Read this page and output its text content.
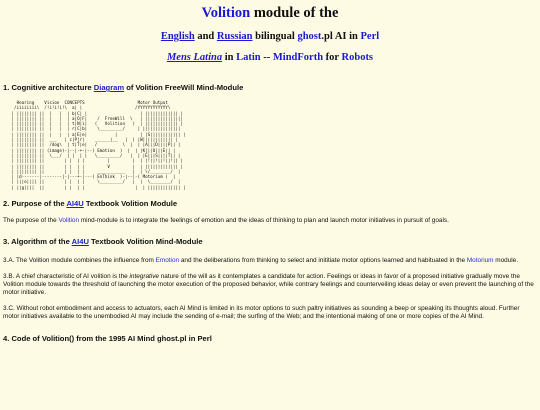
Volition module of the
English and Russian bilingual ghost.pl AI in Perl
Mens Latina in Latin -- MindForth for Robots
1. Cognitive architecture Diagram of Volition FreeWill Mind-Module
Hearing    Vision  CONCEPTS                     Motor Output
/iiiiiiii\  /!i!i!i!\  a| |                     /YYYYYYYYYYYY\
| |||||||| ||  |   |  | b|C| |                     | ||||||||||||| |
| |||||||| ||  |   |  | a|O|F|    /  FreeWill  \   | |||||||||||||||
| |||||||| ||  |   |  | t|N|i|   (   Volition   )  | ||||||||||||| |
| |||||||| ||  |   |  | r|C|b|    \_________/     | |||||||||||||||
| |||||||| ||  |   |  | a|E|e|           |         | |S|||||||||||| |
| |||||||| ||  ___   | c|P|r|    ______|__   |  | |W|||||||||||| |
| |||||||| ||  /dog\  | t|T|e|   /          \  |  | |A|||D||||P|| |
| |||||||| || (image)-|--|-+-|--( Emotion  )  |  | |K|||U|||E|| |
| |||||||| ||  \___/  | |  | |   \_________/   |  | |E|||S||||T|| |
| |||||||| ||        | |  | |         |         |  | |!||!||!||!|| |
| |||||||| ||        | |  | |         V         |  | ||||||||||||| |
| |||||||| ||        | |  | |     ___________   |  | \/________/  |
| |d-------|--------|-|---+-|---( EnThink  )-|--|-( Motorium )  |
| |||o|||| ||        | |  | |     \_________/   |  |  \________/  |
| ||g||||  ||        | |  | |                    |  | ||||||||||||| |
2. Purpose of the AI4U Textbook Volition Module

The purpose of the Volition mind-module is to integrate the feelings of emotion and the ideas of thinking to plan and launch motor initiatives in pursuit of goals.

3. Algorithm of the AI4U Textbook Volition Mind-Module

3.A. The Volition module combines the influence from Emotion and the deliberations from thinking to select and inititiate motor options learned and habituated in the Motorium module.

3.B. A chief characteristic of AI volition is the integrative nature of the will as it contemplates a candidate for action. Feelings or ideas in favor of a proposed initiative gradually move the Volition module towards the threshold of launching the motor execution of the proposed behavior, while contrary feelings and counterveiling ideas delay or even prevent the launching of the motor initiative.

3.C. Without robot embodiment and access to actuators, each AI Mind is limited in its motor options to such paltry initiatives as sounding a beep or speaking its thoughts aloud. Further motor initiatives available to the unembodied AI may include the sending of e-mail; the surfing of the Web; and the intentional making of one or more copies of the AI Mind.

4. Code of Volition() from the 1995 AI Mind ghost.pl in Perl
